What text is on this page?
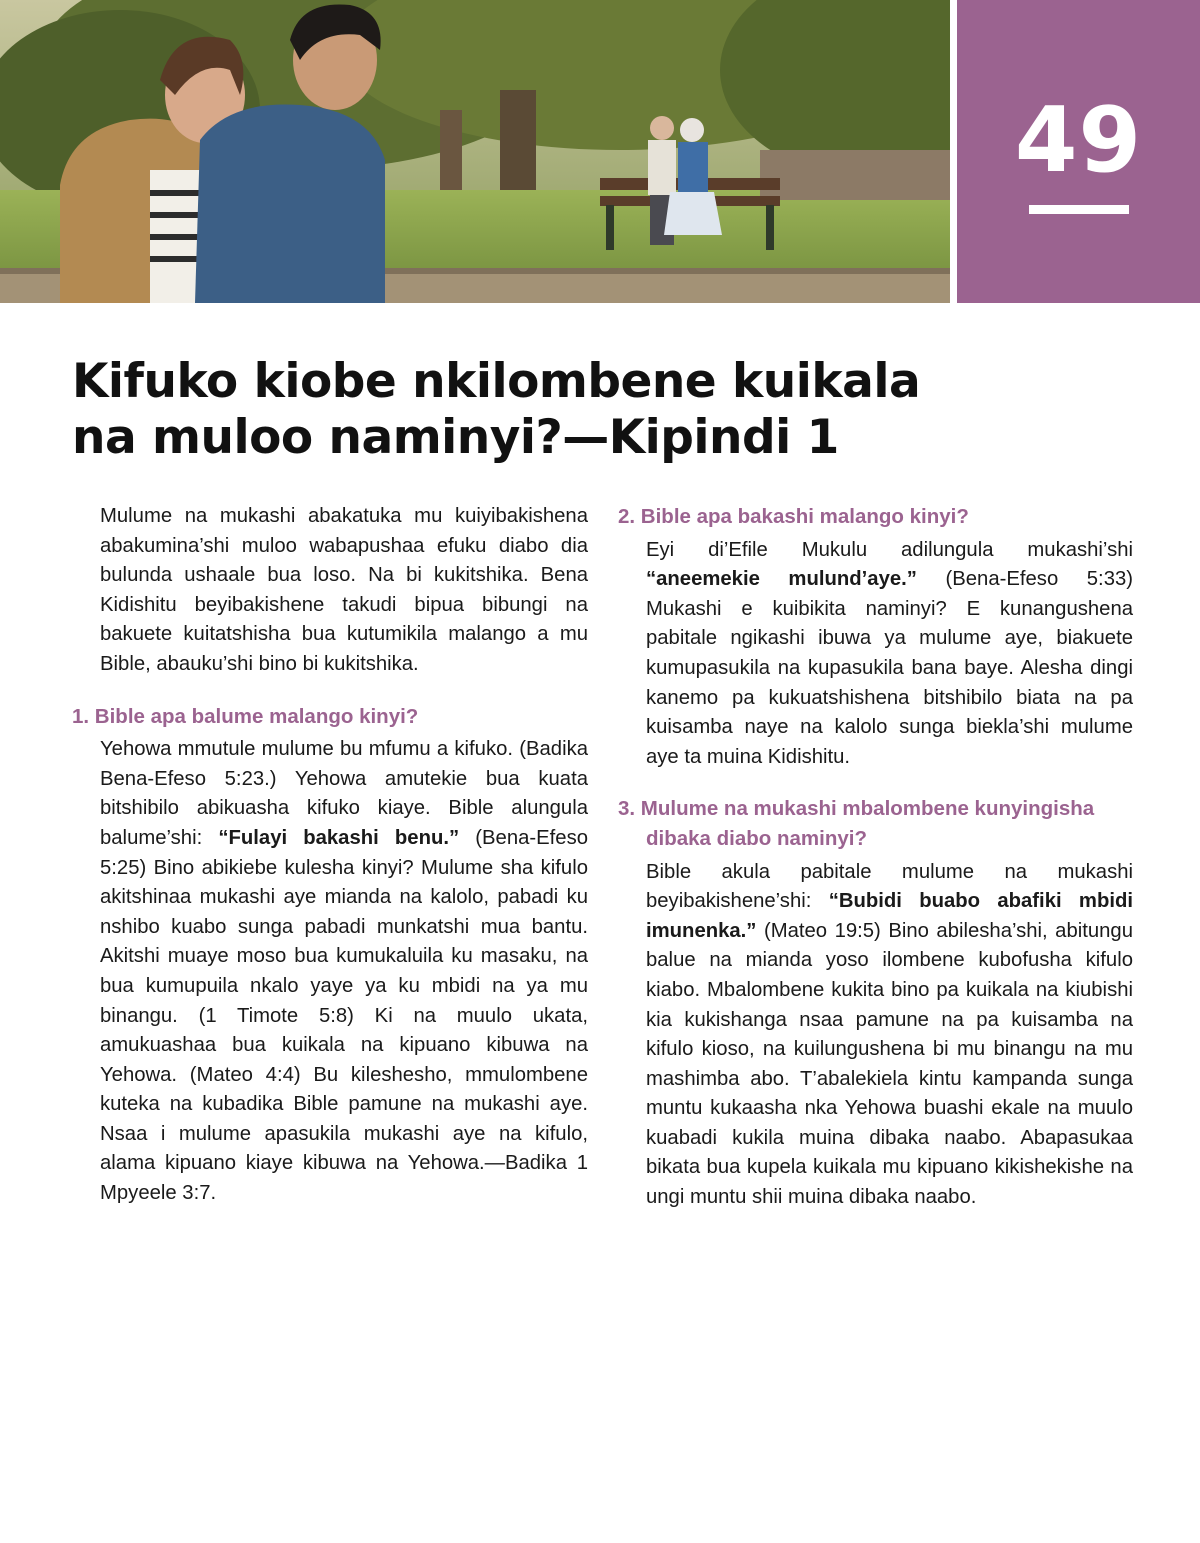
49
Kifuko kiobe nkilombene kuikala
na muloo naminyi?—Kipindi 1

Mulume na mukashi abakatuka mu kuiyibakishena abakumina’shi muloo wabapushaa efuku diabo dia bulunda ushaale bua loso. Na bi kukitshika. Bena Kidishitu beyibakishene takudi bipua bibungi na bakuete kuitatshisha bua kutumikila malango a mu Bible, abauku’shi bino bi kukitshika.

1. Bible apa balume malango kinyi?

Yehowa mmutule mulume bu mfumu a kifuko. (Badika Bena-Efeso 5:23.) Yehowa amutekie bua kuata bitshibilo abikuasha kifuko kiaye. Bible alungula balume’shi: “Fulayi bakashi benu.” (Bena-Efeso 5:25) Bino abikiebe kulesha kinyi? Mulume sha kifulo akitshinaa mukashi aye mianda na kalolo, pabadi ku nshibo kuabo sunga pabadi munkatshi mua bantu. Akitshi muaye moso bua kumukaluila ku masaku, na bua kumupuila nkalo yaye ya ku mbidi na ya mu binangu. (1 Timote 5:8) Ki na muulo ukata, amukuashaa bua kuikala na kipuano kibuwa na Yehowa. (Mateo 4:4) Bu kileshesho, mmulombene kuteka na kubadika Bible pamune na mukashi aye. Nsaa i mulume apasukila mukashi aye na kifulo, alama kipuano kiaye kibuwa na Yehowa.—Badika 1 Mpyeele 3:7.

2. Bible apa bakashi malango kinyi?

Eyi di’Efile Mukulu adilungula mukashi’shi “aneemekie mulund’aye.” (Bena-Efeso 5:33) Mukashi e kuibikita naminyi? E kunangushena pabitale ngikashi ibuwa ya mulume aye, biakuete kumupasukila na kupasukila bana baye. Alesha dingi kanemo pa kukuatshishena bitshibilo biata na pa kuisamba naye na kalolo sunga biekla’shi mulume aye ta muina Kidishitu.

3. Mulume na mukashi mbalombene kunyingisha dibaka diabo naminyi?

Bible akula pabitale mulume na mukashi beyibakishene’shi: “Bubidi buabo abafiki mbidi imunenka.” (Mateo 19:5) Bino abilesha’shi, abitungu balue na mianda yoso ilombene kubofusha kifulo kiabo. Mbalombene kukita bino pa kuikala na kiubishi kia kukishanga nsaa pamune na pa kuisamba na kifulo kioso, na kuilungushena bi mu binangu na mu mashimba abo. T’abalekiela kintu kampanda sunga muntu kukaasha nka Yehowa buashi ekale na muulo kuabadi kukila muina dibaka naabo. Abapasukaa bikata bua kupela kuikala mu kipuano kikishekishe na ungi muntu shii muina dibaka naabo.
